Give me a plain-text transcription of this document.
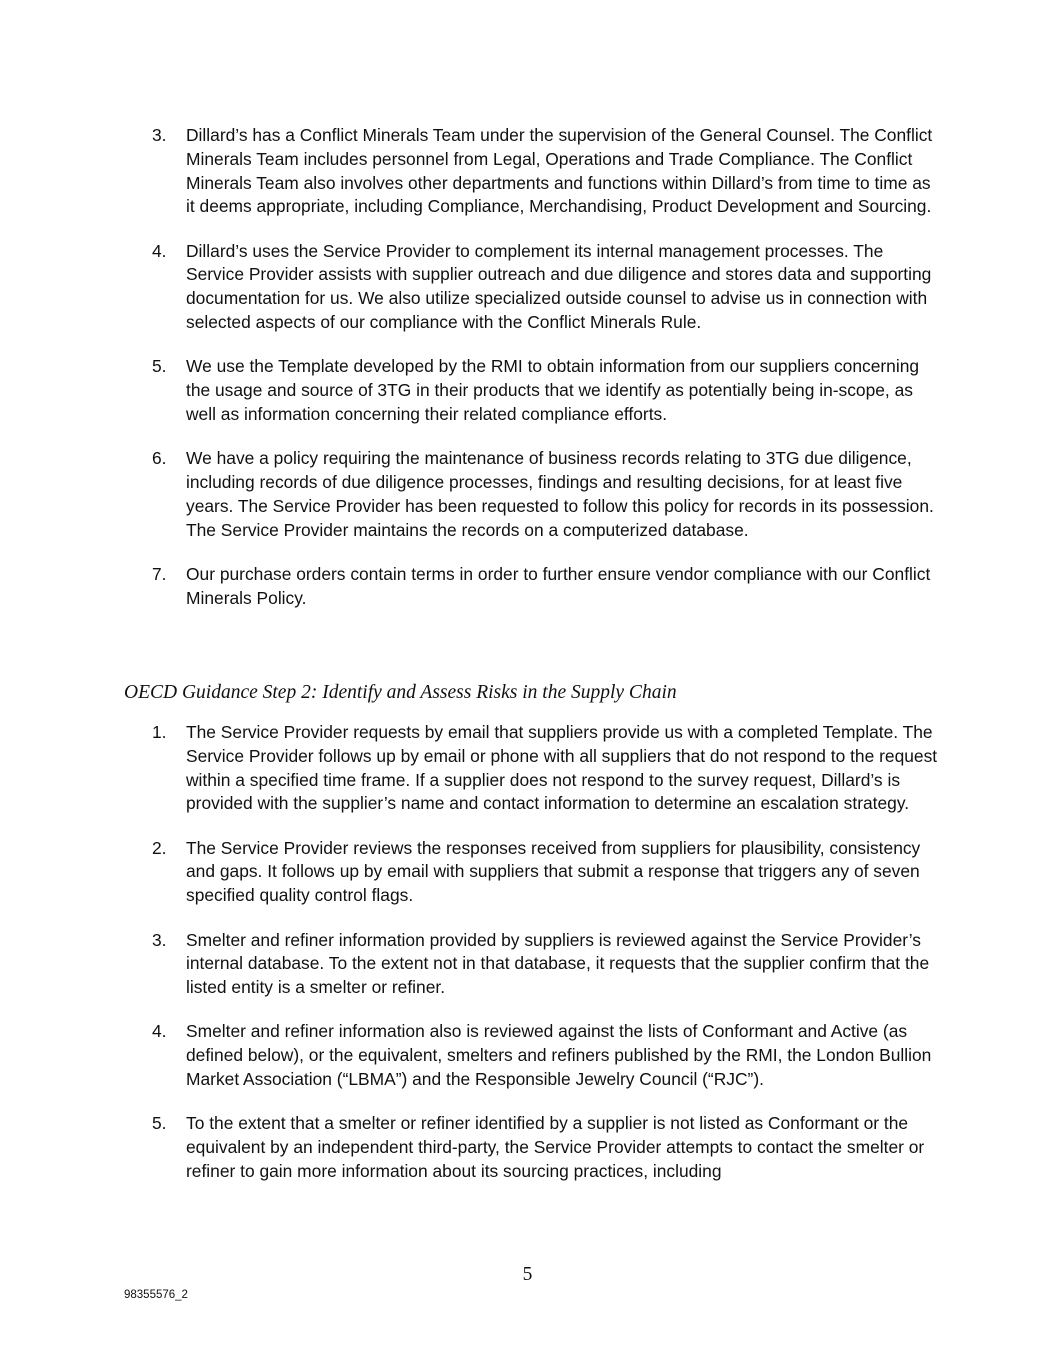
3.	Dillard’s has a Conflict Minerals Team under the supervision of the General Counsel. The Conflict Minerals Team includes personnel from Legal, Operations and Trade Compliance. The Conflict Minerals Team also involves other departments and functions within Dillard’s from time to time as it deems appropriate, including Compliance, Merchandising, Product Development and Sourcing.
4.	Dillard’s uses the Service Provider to complement its internal management processes. The Service Provider assists with supplier outreach and due diligence and stores data and supporting documentation for us. We also utilize specialized outside counsel to advise us in connection with selected aspects of our compliance with the Conflict Minerals Rule.
5.	We use the Template developed by the RMI to obtain information from our suppliers concerning the usage and source of 3TG in their products that we identify as potentially being in-scope, as well as information concerning their related compliance efforts.
6.	We have a policy requiring the maintenance of business records relating to 3TG due diligence, including records of due diligence processes, findings and resulting decisions, for at least five years. The Service Provider has been requested to follow this policy for records in its possession. The Service Provider maintains the records on a computerized database.
7.	Our purchase orders contain terms in order to further ensure vendor compliance with our Conflict Minerals Policy.

OECD Guidance Step 2: Identify and Assess Risks in the Supply Chain

1.	The Service Provider requests by email that suppliers provide us with a completed Template. The Service Provider follows up by email or phone with all suppliers that do not respond to the request within a specified time frame. If a supplier does not respond to the survey request, Dillard’s is provided with the supplier’s name and contact information to determine an escalation strategy.
2.	The Service Provider reviews the responses received from suppliers for plausibility, consistency and gaps. It follows up by email with suppliers that submit a response that triggers any of seven specified quality control flags.
3.	Smelter and refiner information provided by suppliers is reviewed against the Service Provider’s internal database. To the extent not in that database, it requests that the supplier confirm that the listed entity is a smelter or refiner.
4.	Smelter and refiner information also is reviewed against the lists of Conformant and Active (as defined below), or the equivalent, smelters and refiners published by the RMI, the London Bullion Market Association (“LBMA”) and the Responsible Jewelry Council (“RJC”).
5.	To the extent that a smelter or refiner identified by a supplier is not listed as Conformant or the equivalent by an independent third-party, the Service Provider attempts to contact the smelter or refiner to gain more information about its sourcing practices, including
5
98355576_2
